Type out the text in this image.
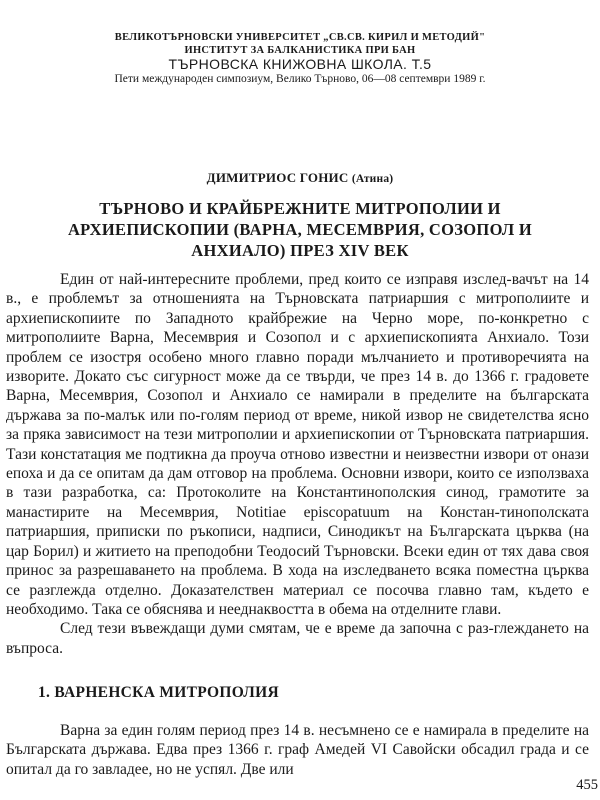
ВЕЛИКОТЪРНОВСКИ УНИВЕРСИТЕТ „СВ.СВ. КИРИЛ И МЕТОДИЙ"
ИНСТИТУТ ЗА БАЛКАНИСТИКА ПРИ БАН
ТЪРНОВСКА КНИЖОВНА ШКОЛА. Т.5
Пети международен симпозиум, Велико Търново, 06—08 септември 1989 г.
ДИМИТРИОС ГОНИС (Атина)
ТЪРНОВО И КРАЙБРЕЖНИТЕ МИТРОПОЛИИ И
АРХИЕПИСКОПИИ (ВАРНА, МЕСЕМВРИЯ, СОЗОПОЛ И
АНХИАЛО) ПРЕЗ XIV ВЕК

Един от най-интересните проблеми, пред които се изправя изслед-вачът на 14 в., е проблемът за отношенията на Търновската патриаршия с митрополиите и архиепископиите по Западното крайбрежие на Черно море, по-конкретно с митрополиите Варна, Месемврия и Созопол и с архиепископията Анхиало. Този проблем се изостря особено много главно поради мълчанието и противоречията на изворите. Докато със сигурност може да се твърди, че през 14 в. до 1366 г. градовете Варна, Месемврия, Созопол и Анхиало се намирали в пределите на българската държава за по-малък или по-голям период от време, никой извор не свидетелства ясно за пряка зависимост на тези митрополии и архиепископии от Търновската патриаршия. Тази констатация ме подтикна да проуча отново известни и неизвестни извори от онази епоха и да се опитам да дам отговор на проблема. Основни извори, които се използваха в тази разработка, са: Протоколите на Константинополския синод, грамотите за манастирите на Месемврия, Notitiae episcopatuum на Констан-тинополската патриаршия, приписки по ръкописи, надписи, Синодикът на Българската църква (на цар Борил) и житието на преподобни Теодосий Търновски. Всеки един от тях дава своя принос за разрешаването на проблема. В хода на изследването всяка поместна църква се разглежда отделно. Доказателствен материал се посочва главно там, където е необходимо. Така се обяснява и нееднаквостта в обема на отделните глави.

След тези въвеждащи думи смятам, че е време да започна с раз-глеждането на въпроса.

1. ВАРНЕНСКА МИТРОПОЛИЯ

Варна за един голям период през 14 в. несъмнено се е намирала в пределите на Българската държава. Едва през 1366 г. граф Амедей VI Савойски обсадил града и се опитал да го завладее, но не успял. Две или

455
